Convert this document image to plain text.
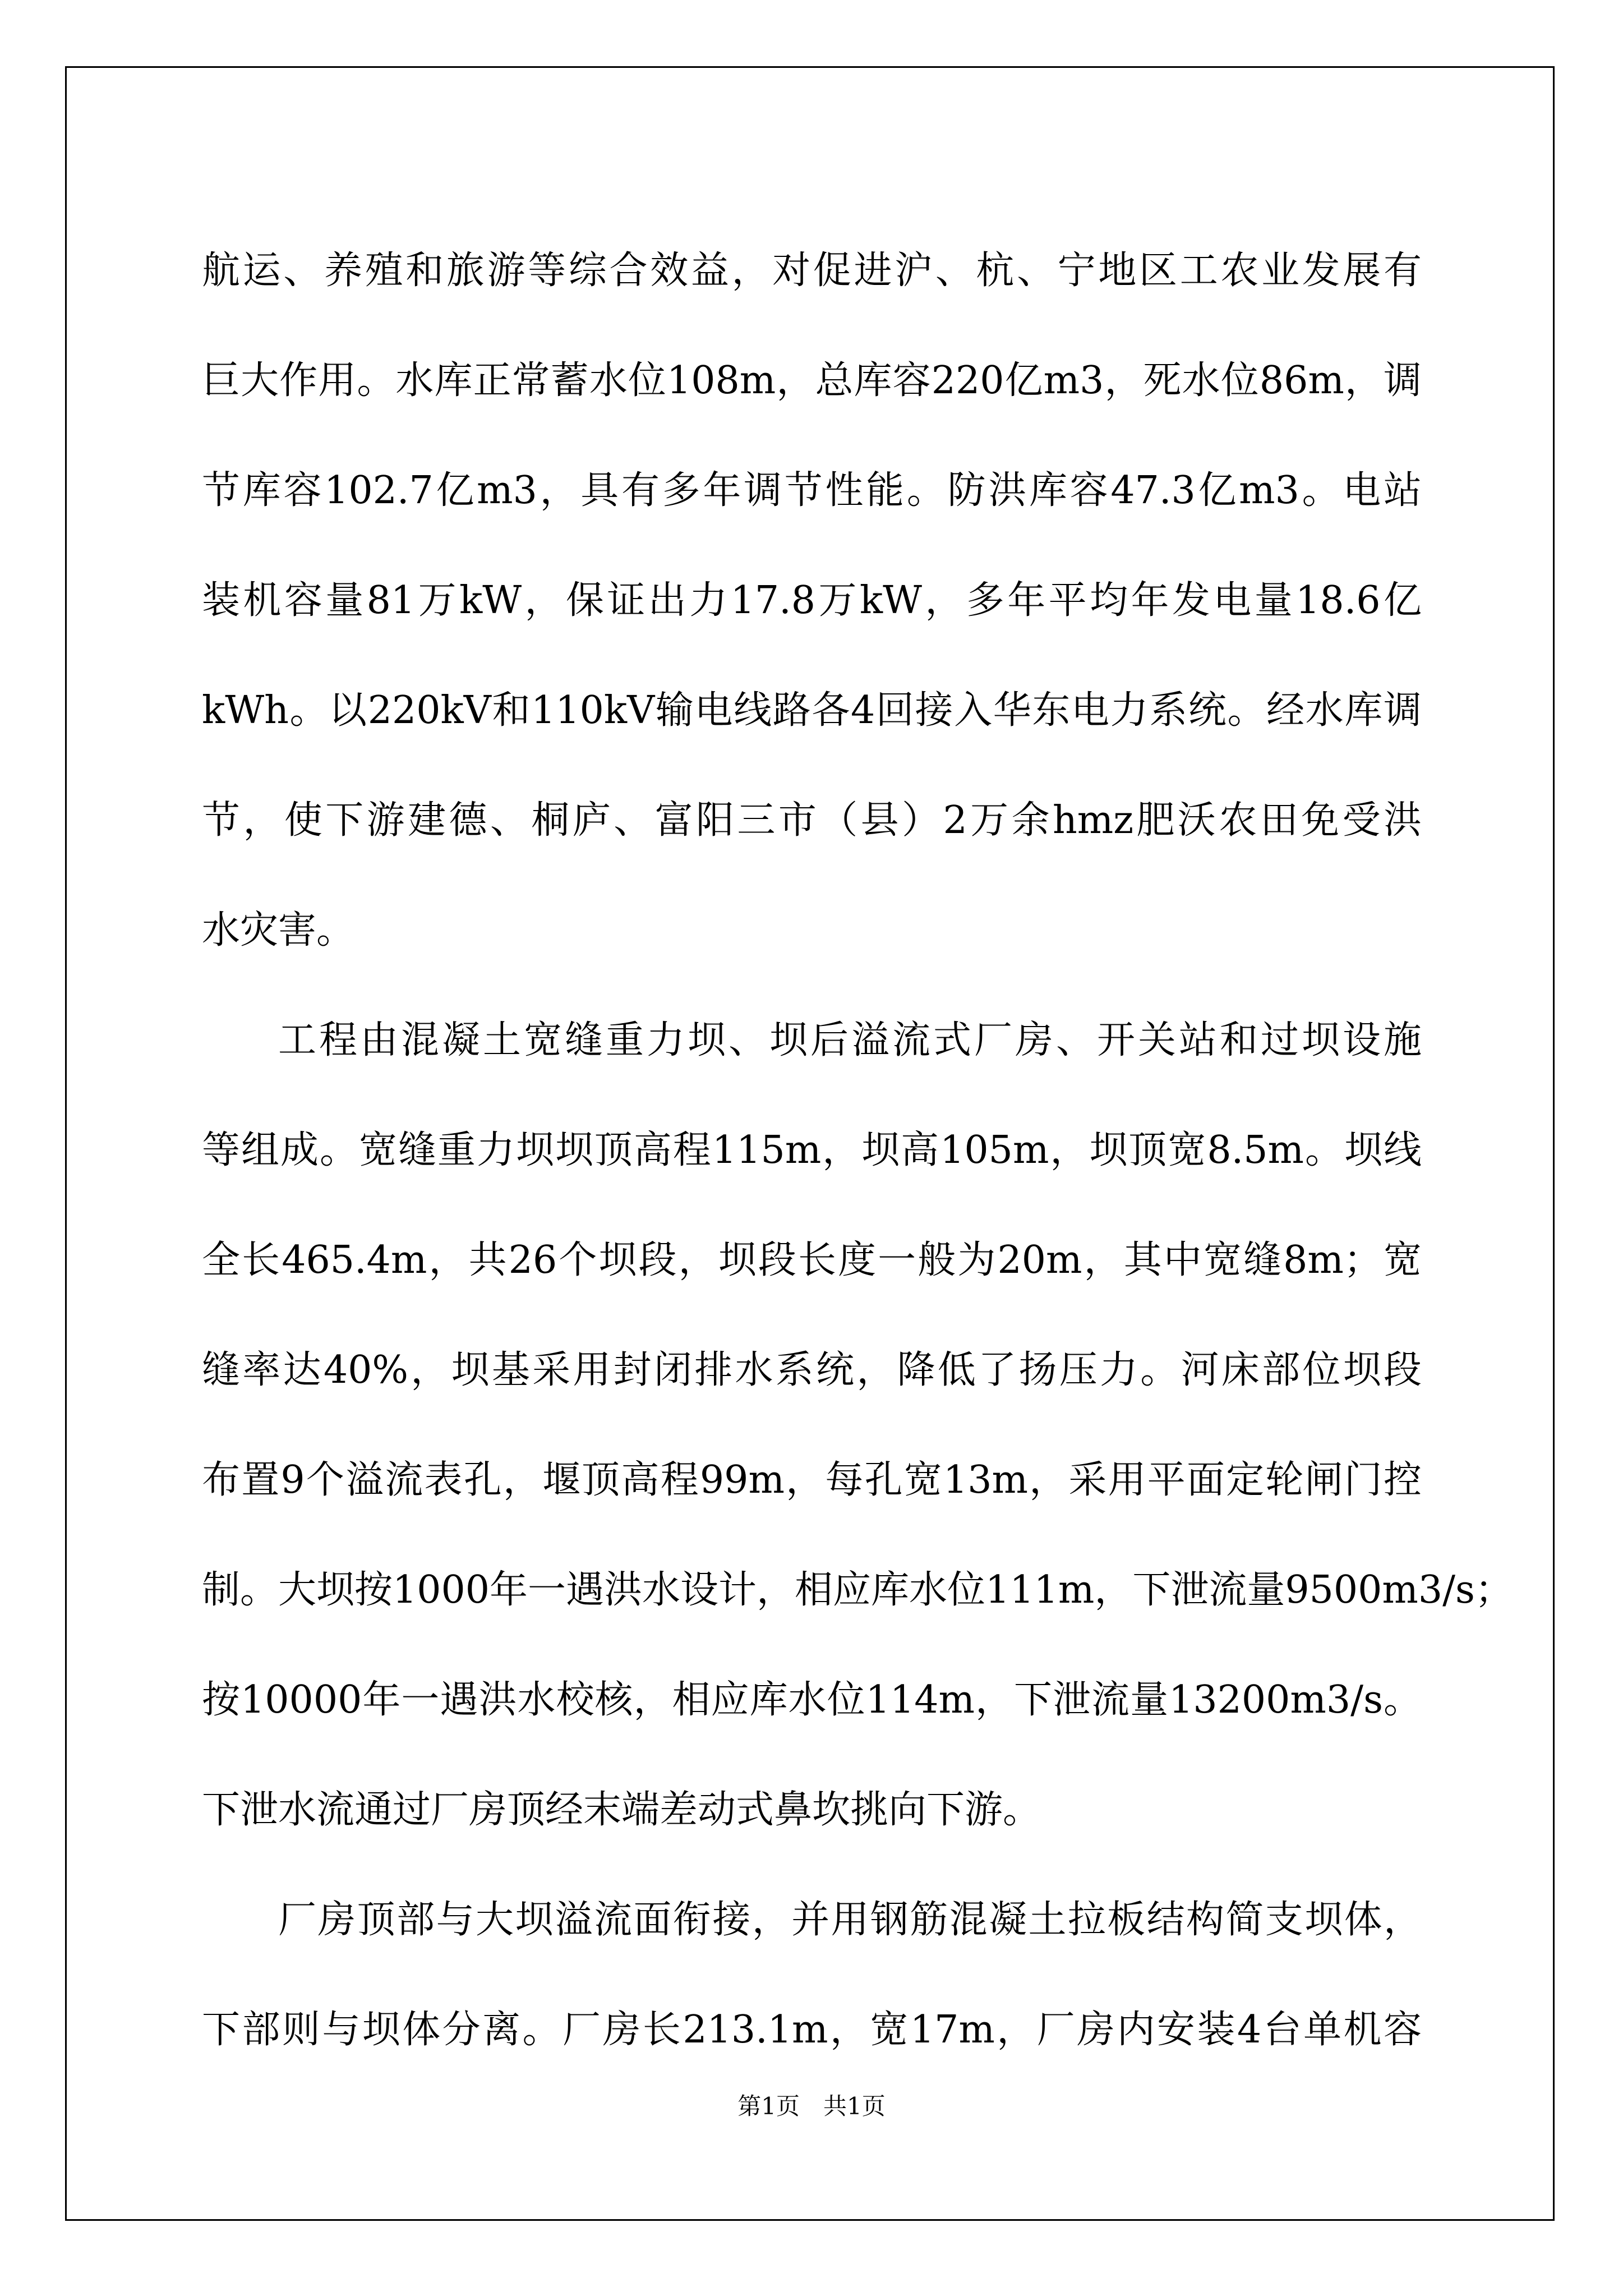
航运、养殖和旅游等综合效益，对促进沪、杭、宁地区工农业发展有
巨大作用。水库正常蓄水位108m，总库容220亿m3，死水位86m，调
节库容102.7亿m3，具有多年调节性能。防洪库容47.3亿m3。电站
装机容量81万kW，保证出力17.8万kW，多年平均年发电量18.6亿
kWh。以220kV和110kV输电线路各4回接入华东电力系统。经水库调
节，使下游建德、桐庐、富阳三市（县）2万余hmz肥沃农田免受洪
水灾害。
工程由混凝土宽缝重力坝、坝后溢流式厂房、开关站和过坝设施
等组成。宽缝重力坝坝顶高程115m，坝高105m，坝顶宽8.5m。坝线
全长465.4m，共26个坝段，坝段长度一般为20m，其中宽缝8m；宽
缝率达40%，坝基采用封闭排水系统，降低了扬压力。河床部位坝段
布置9个溢流表孔，堰顶高程99m，每孔宽13m，采用平面定轮闸门控
制。大坝按1000年一遇洪水设计，相应库水位111m，下泄流量9500m3/s；
按10000年一遇洪水校核，相应库水位114m，下泄流量13200m3/s。
下泄水流通过厂房顶经末端差动式鼻坎挑向下游。
厂房顶部与大坝溢流面衔接，并用钢筋混凝土拉板结构简支坝体，
下部则与坝体分离。厂房长213.1m，宽17m，厂房内安装4台单机容
第1页　共1页
